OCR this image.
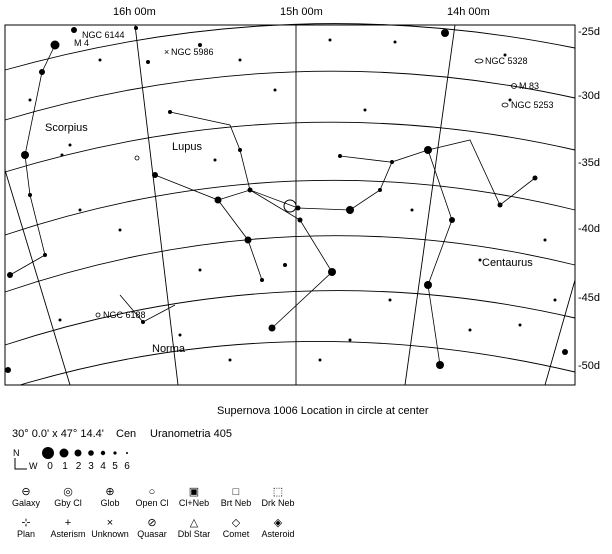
×
16h 00m	15h 00m	14h 00m
-25d
-30d
-35d
-40d
-45d
-50d
Scorpius
Lupus
Centaurus
Norma
NGC 5986
NGC 5328
M 83
NGC 5253
NGC 6188
M 4
NGC 6144
Supernova 1006 Location in circle at center
30° 0.0' x 47° 14.4' Cen Uranometria 405
N
W 0 1 2 3 4 5 6
⊖
Galaxy
◎
Gby Cl
⊕
Glob
○
Open Cl
▣
Cl+Neb
□
Brt Neb
⬚
Drk Neb
⊹
Plan
+
Asterism
×
Unknown
⊘
Quasar
△
Dbl Star
◇
Comet
◈
Asteroid
